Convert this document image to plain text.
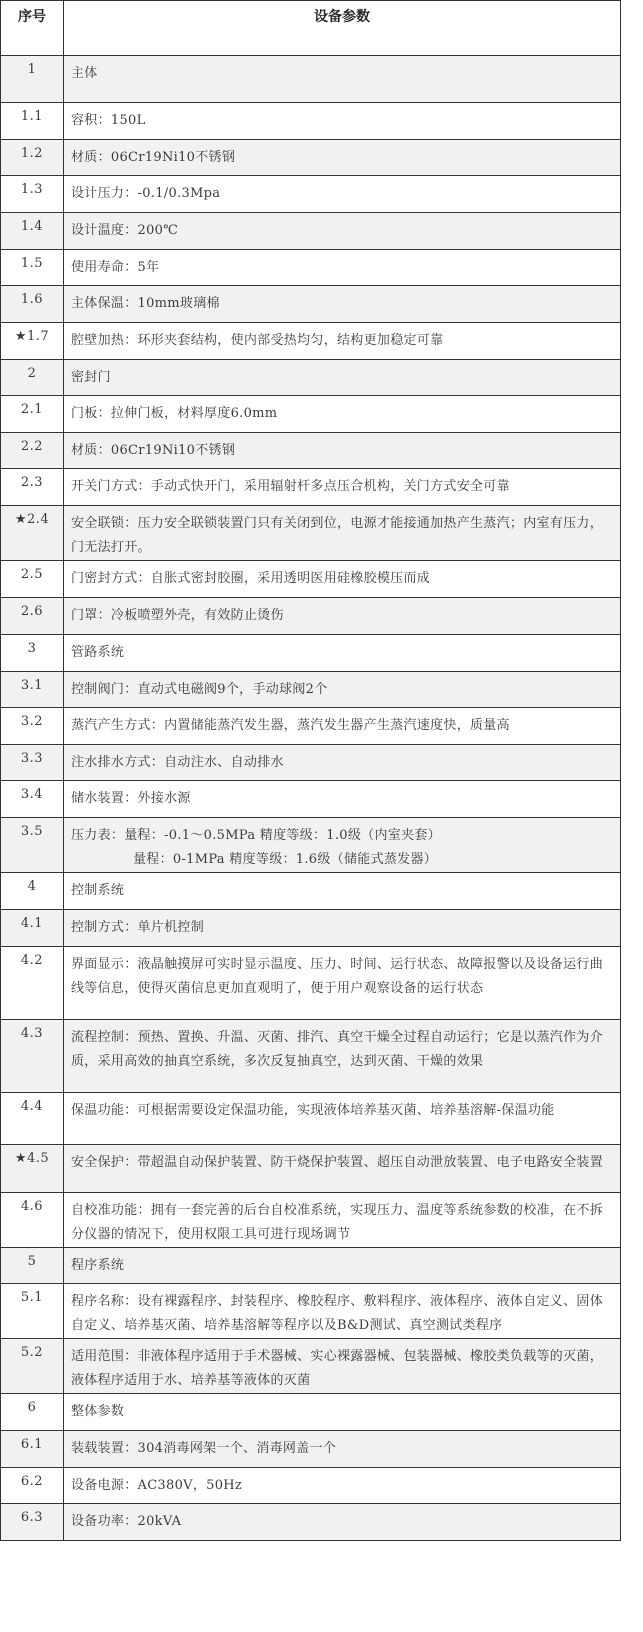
序号	设备参数
1	主体
1.1	容积：150L
1.2	材质：06Cr19Ni10不锈钢
1.3	设计压力：-0.1/0.3Mpa
1.4	设计温度：200℃
1.5	使用寿命：5年
1.6	主体保温：10mm玻璃棉
★1.7	腔壁加热：环形夹套结构，使内部受热均匀，结构更加稳定可靠
2	密封门
2.1	门板：拉伸门板，材料厚度6.0mm
2.2	材质：06Cr19Ni10不锈钢
2.3	开关门方式：手动式快开门，采用辐射杆多点压合机构，关门方式安全可靠
★2.4	安全联锁：压力安全联锁装置门只有关闭到位，电源才能接通加热产生蒸汽；内室有压力，门无法打开。
2.5	门密封方式：自胀式密封胶圈，采用透明医用硅橡胶模压而成
2.6	门罩：冷板喷塑外壳，有效防止烫伤
3	管路系统
3.1	控制阀门：直动式电磁阀9个，手动球阀2个
3.2	蒸汽产生方式：内置储能蒸汽发生器，蒸汽发生器产生蒸汽速度快，质量高
3.3	注水排水方式：自动注水、自动排水
3.4	储水装置：外接水源
3.5	压力表：量程：-0.1～0.5MPa 精度等级：1.0级（内室夹套）
量程：0-1MPa 精度等级：1.6级（储能式蒸发器）

4	控制系统
4.1	控制方式：单片机控制
4.2	界面显示：液晶触摸屏可实时显示温度、压力、时间、运行状态、故障报警以及设备运行曲线等信息，使得灭菌信息更加直观明了，便于用户观察设备的运行状态
4.3	流程控制：预热、置换、升温、灭菌、排汽、真空干燥全过程自动运行；它是以蒸汽作为介质，采用高效的抽真空系统，多次反复抽真空，达到灭菌、干燥的效果
4.4	保温功能：可根据需要设定保温功能，实现液体培养基灭菌、培养基溶解-保温功能
★4.5	安全保护：带超温自动保护装置、防干烧保护装置、超压自动泄放装置、电子电路安全装置
4.6	自校准功能：拥有一套完善的后台自校准系统，实现压力、温度等系统参数的校准，在不拆分仪器的情况下，使用权限工具可进行现场调节
5	程序系统
5.1	程序名称：设有裸露程序、封装程序、橡胶程序、敷料程序、液体程序、液体自定义、固体自定义、培养基灭菌、培养基溶解等程序以及B&D测试、真空测试类程序
5.2	适用范围：非液体程序适用于手术器械、实心裸露器械、包装器械、橡胶类负载等的灭菌，液体程序适用于水、培养基等液体的灭菌
6	整体参数
6.1	装载装置：304消毒网架一个、消毒网盖一个
6.2	设备电源：AC380V，50Hz
6.3	设备功率：20kVA
